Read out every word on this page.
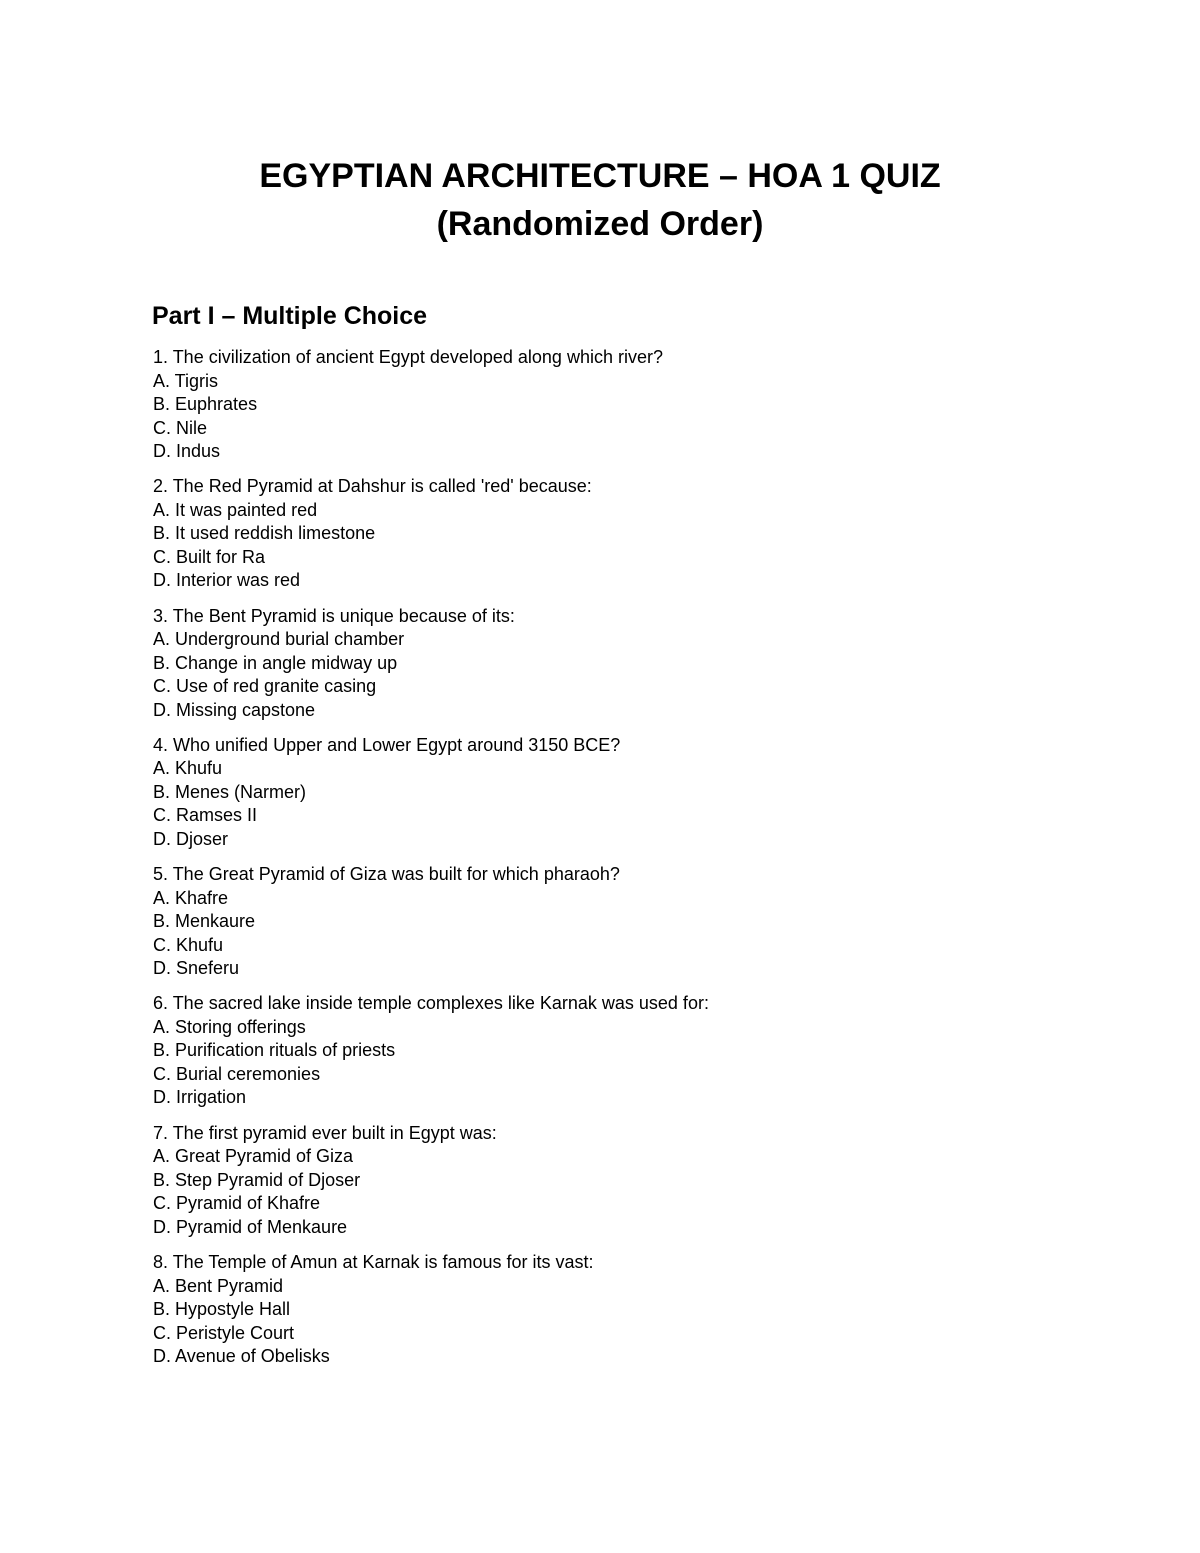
EGYPTIAN ARCHITECTURE – HOA 1 QUIZ

(Randomized Order)

Part I – Multiple Choice

1. The civilization of ancient Egypt developed along which river?

A. Tigris

B. Euphrates

C. Nile

D. Indus

2. The Red Pyramid at Dahshur is called 'red' because:

A. It was painted red

B. It used reddish limestone

C. Built for Ra

D. Interior was red

3. The Bent Pyramid is unique because of its:

A. Underground burial chamber

B. Change in angle midway up

C. Use of red granite casing

D. Missing capstone

4. Who unified Upper and Lower Egypt around 3150 BCE?

A. Khufu

B. Menes (Narmer)

C. Ramses II

D. Djoser

5. The Great Pyramid of Giza was built for which pharaoh?

A. Khafre

B. Menkaure

C. Khufu

D. Sneferu

6. The sacred lake inside temple complexes like Karnak was used for:

A. Storing offerings

B. Purification rituals of priests

C. Burial ceremonies

D. Irrigation

7. The first pyramid ever built in Egypt was:

A. Great Pyramid of Giza

B. Step Pyramid of Djoser

C. Pyramid of Khafre

D. Pyramid of Menkaure

8. The Temple of Amun at Karnak is famous for its vast:

A. Bent Pyramid

B. Hypostyle Hall

C. Peristyle Court

D. Avenue of Obelisks
